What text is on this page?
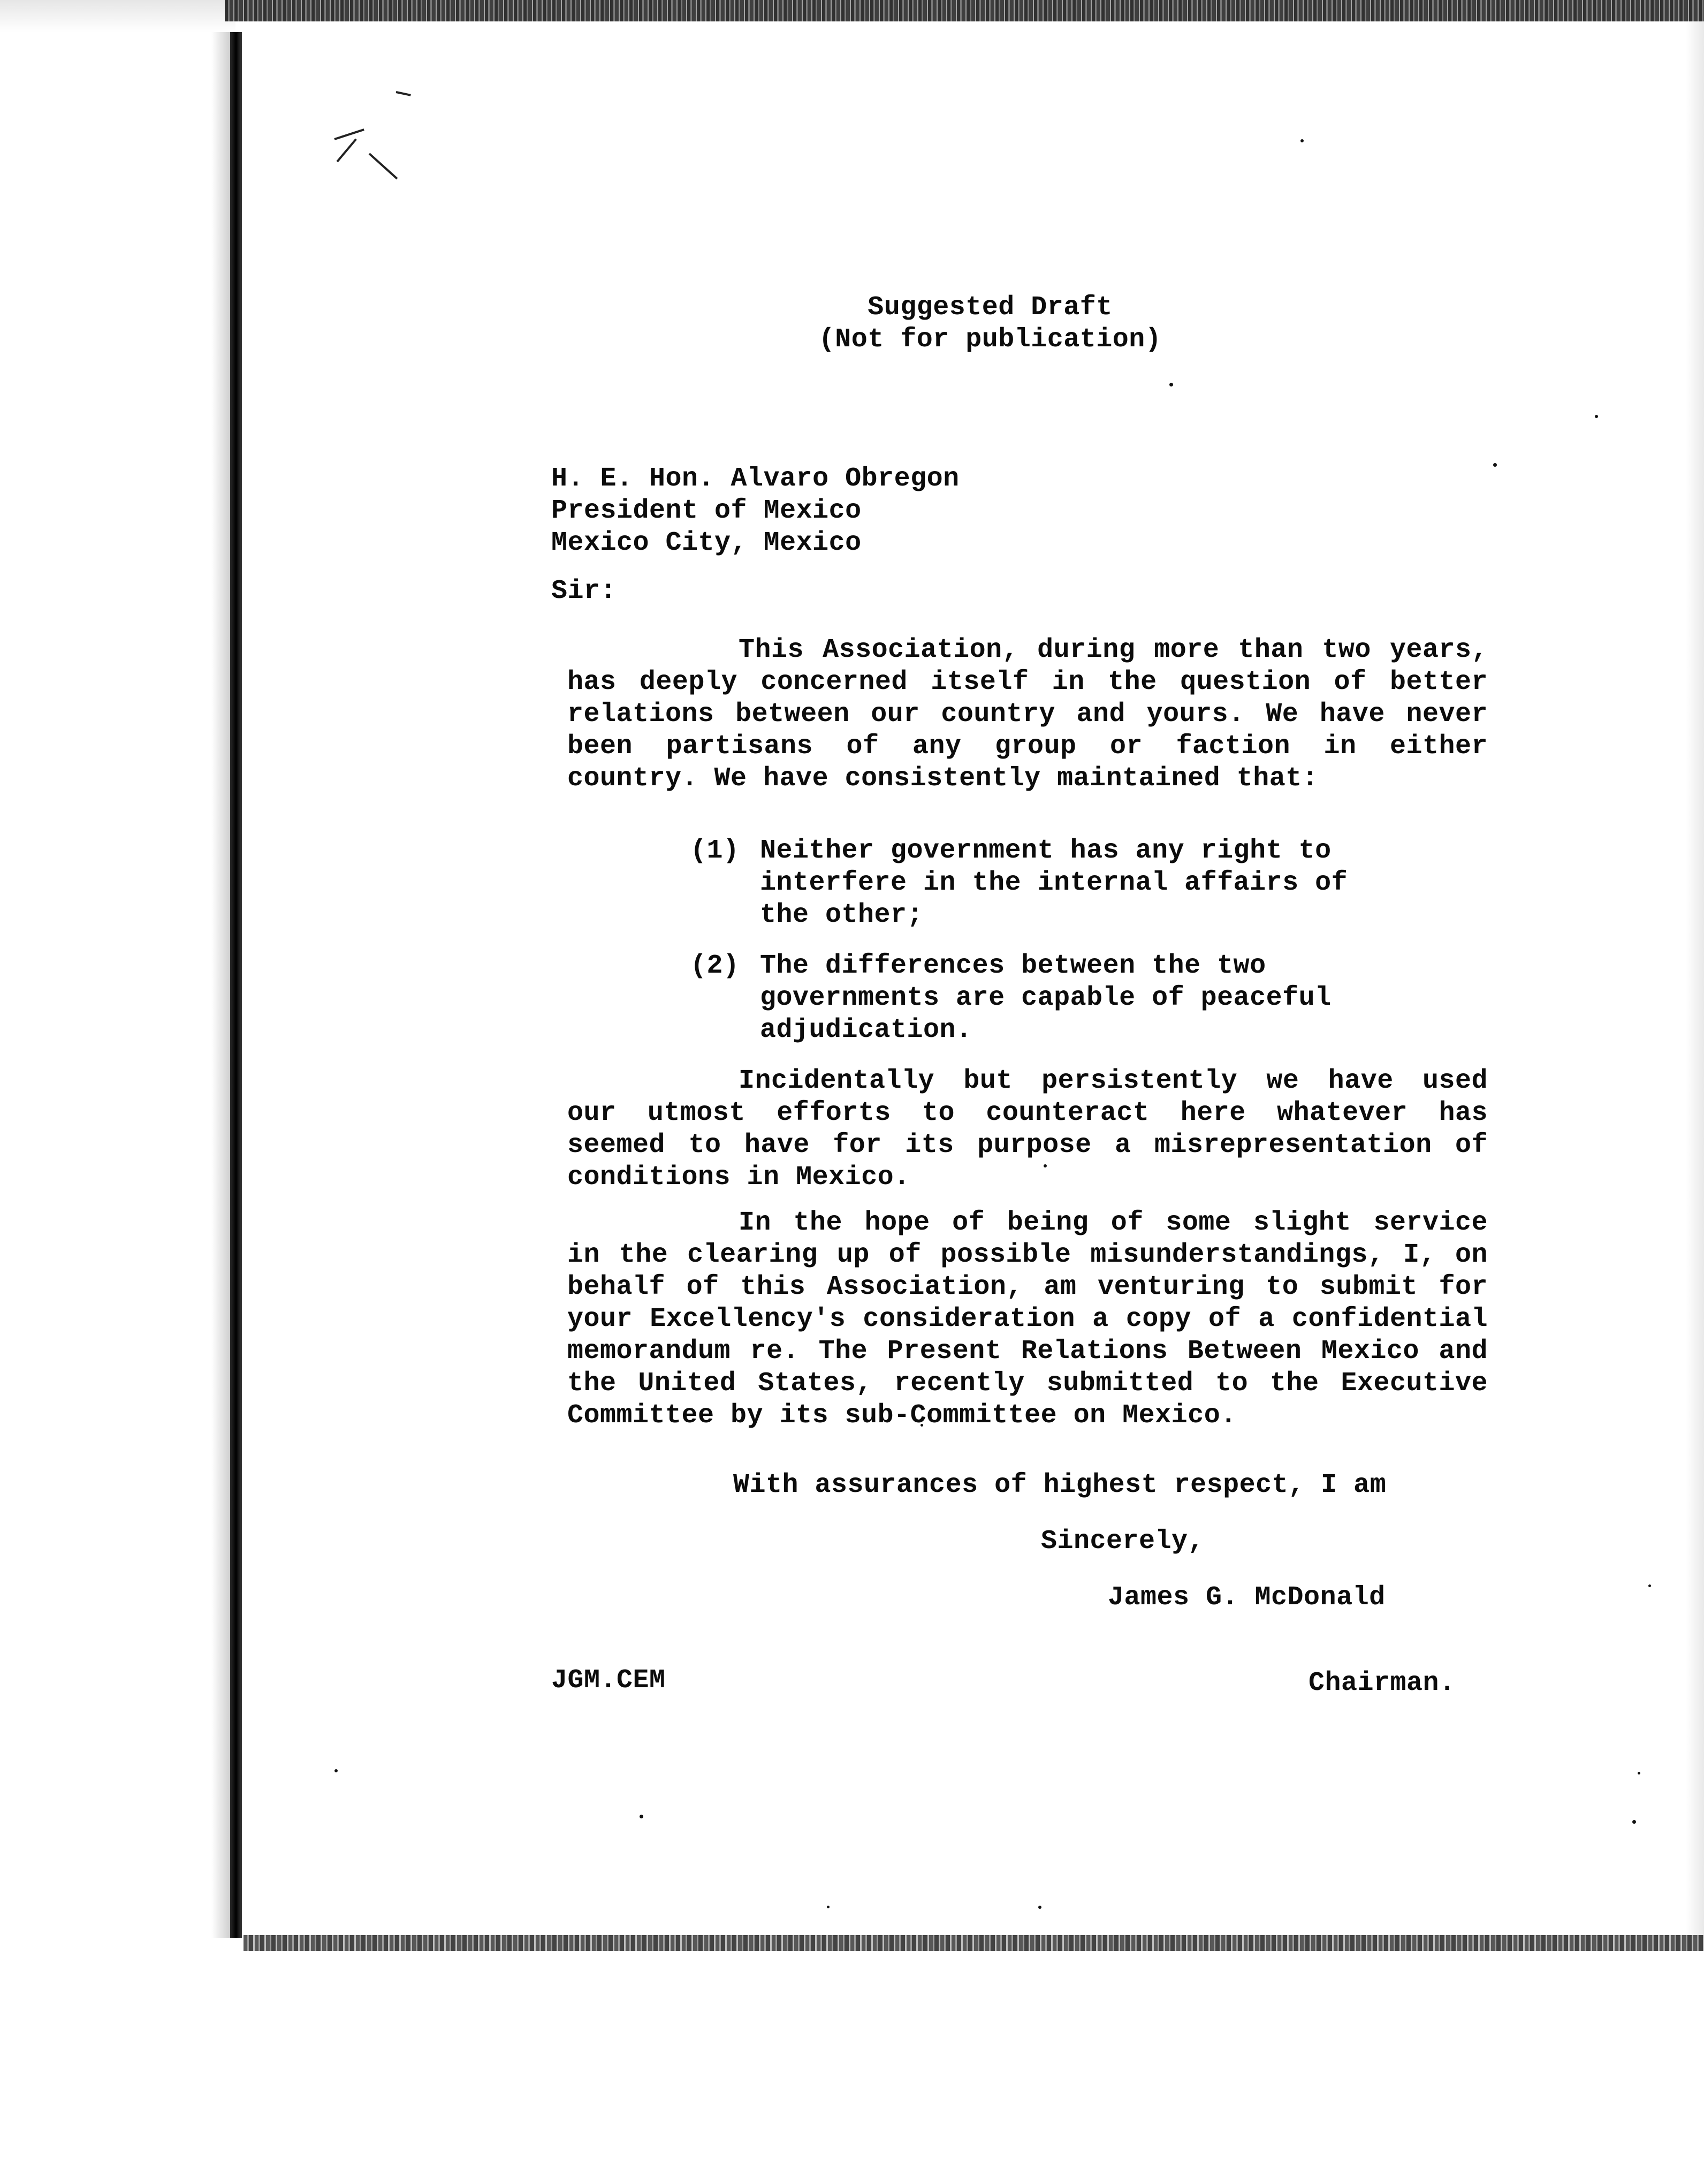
Suggested Draft
(Not for publication)
H. E. Hon. Alvaro Obregon
President of Mexico
Mexico City, Mexico
Sir:
This Association, during more than two years, has deeply concerned itself in the question of better relations between our country and yours. We have never been partisans of any group or faction in either country. We have consistently maintained that:
(1) Neither government has any right to interfere in the internal affairs of the other;
(2) The differences between the two governments are capable of peaceful adjudication.
Incidentally but persistently we have used our utmost efforts to counteract here whatever has seemed to have for its purpose a misrepresentation of conditions in Mexico.
In the hope of being of some slight service in the clearing up of possible misunderstandings, I, on behalf of this Association, am venturing to submit for your Excellency's consideration a copy of a confidential memorandum re. The Present Relations Between Mexico and the United States, recently submitted to the Executive Committee by its sub-Committee on Mexico.
With assurances of highest respect, I am
Sincerely,
James G. McDonald
JGM.CEM	Chairman.
